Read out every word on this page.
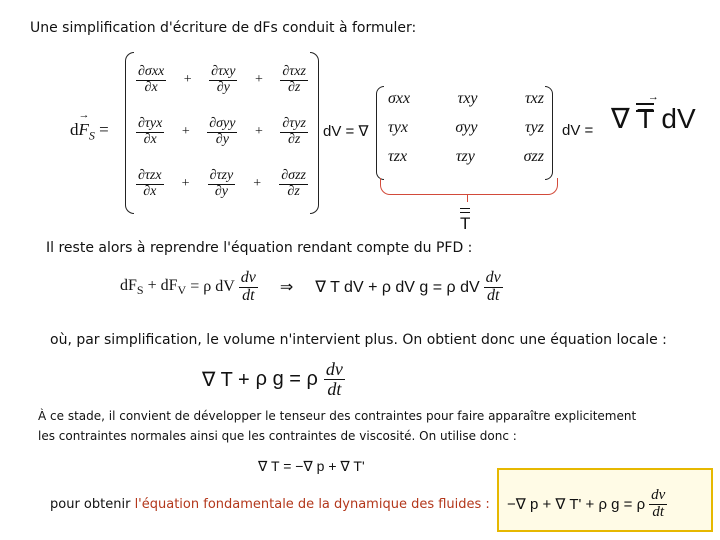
Une simplification d'écriture de dFs conduit à formuler:
$d\to F_S$ =
$\frac{\text{∂σxx}}{\partial x} + \frac{\text{∂τxy}}{\partial y} + \frac{\text{∂τxz}}{\partial z}$
$\frac{\text{∂τyx}}{\partial x} + \frac{\text{∂σyy}}{\partial y} + \frac{\text{∂τyz}}{\partial z}$
$\frac{\text{∂τzx}}{\partial x} + \frac{\text{∂τzy}}{\partial y} + \frac{\text{∂σzz}}{\partial z}$
dV = ∇
σxx	τxy	τxz
τyx	σyy	τyz
τzx	τzy	σzz
T
dV =
→ ∇ T dV
Il reste alors à reprendre l'équation rendant compte du PFD :
$dF_S + dF_V = \rho$ dV $\frac{dv}{dt}$ ⇒ ∇ T dV + ρ dV g = ρ dV $\frac{dv}{dt}$
où, par simplification, le volume n'intervient plus. On obtient donc une équation locale :
∇ T + ρ g = ρ $\frac{dv}{dt}$
À ce stade, il convient de développer le tenseur des contraintes pour faire apparaître explicitement
les contraintes normales ainsi que les contraintes de viscosité. On utilise donc :
∇ T = −∇ p + ∇ T'
pour obtenir l'équation fondamentale de la dynamique des fluides : −∇ p + ∇ T' + ρ g = ρ $\frac{dv}{dt}$
